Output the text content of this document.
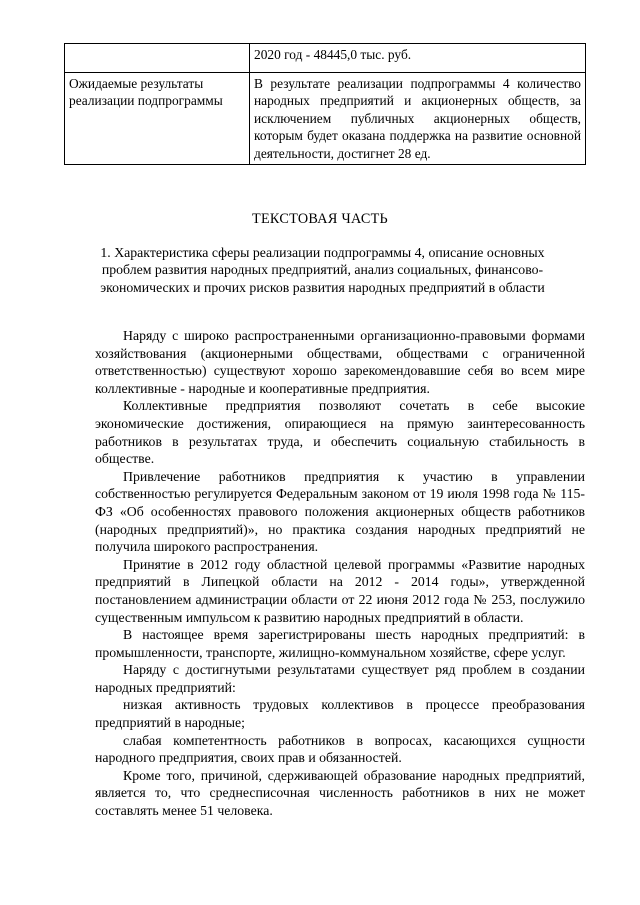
	2020 год - 48445,0 тыс. руб.
Ожидаемые результаты реализации подпрограммы	В результате реализации подпрограммы 4 количество народных предприятий и акционерных обществ, за исключением публичных акционерных обществ, которым будет оказана поддержка на развитие основной деятельности, достигнет 28 ед.
ТЕКСТОВАЯ ЧАСТЬ
1. Характеристика сферы реализации подпрограммы 4, описание основных проблем развития народных предприятий, анализ социальных, финансово-экономических и прочих рисков развития народных предприятий в области

Наряду с широко распространенными организационно-правовыми формами хозяйствования (акционерными обществами, обществами с ограниченной ответственностью) существуют хорошо зарекомендовавшие себя во всем мире коллективные - народные и кооперативные предприятия.

Коллективные предприятия позволяют сочетать в себе высокие экономические достижения, опирающиеся на прямую заинтересованность работников в результатах труда, и обеспечить социальную стабильность в обществе.

Привлечение работников предприятия к участию в управлении собственностью регулируется Федеральным законом от 19 июля 1998 года № 115-ФЗ «Об особенностях правового положения акционерных обществ работников (народных предприятий)», но практика создания народных предприятий не получила широкого распространения.

Принятие в 2012 году областной целевой программы «Развитие народных предприятий в Липецкой области на 2012 - 2014 годы», утвержденной постановлением администрации области от 22 июня 2012 года № 253, послужило существенным импульсом к развитию народных предприятий в области.

В настоящее время зарегистрированы шесть народных предприятий: в промышленности, транспорте, жилищно-коммунальном хозяйстве, сфере услуг.

Наряду с достигнутыми результатами существует ряд проблем в создании народных предприятий:

низкая активность трудовых коллективов в процессе преобразования предприятий в народные;

слабая компетентность работников в вопросах, касающихся сущности народного предприятия, своих прав и обязанностей.

Кроме того, причиной, сдерживающей образование народных предприятий, является то, что среднесписочная численность работников в них не может составлять менее 51 человека.
